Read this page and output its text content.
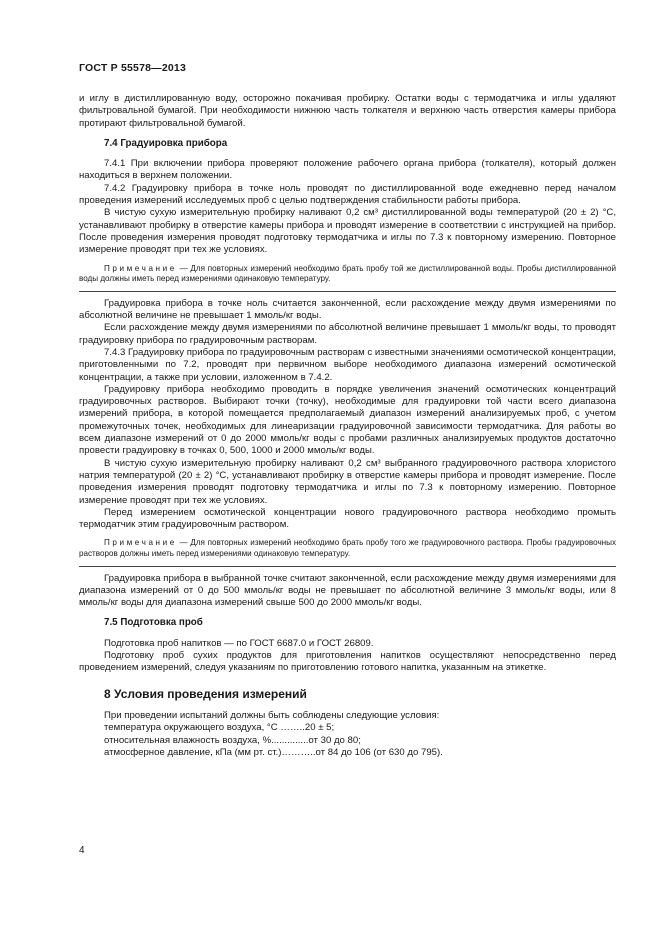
ГОСТ Р 55578—2013

и иглу в дистиллированную воду, осторожно покачивая пробирку. Остатки воды с термодатчика и иглы удаляют фильтровальной бумагой. При необходимости нижнюю часть толкателя и верхнюю часть отверстия камеры прибора протирают фильтровальной бумагой.

7.4 Градуировка прибора

7.4.1 При включении прибора проверяют положение рабочего органа прибора (толкателя), который должен находиться в верхнем положении.

7.4.2 Градуировку прибора в точке ноль проводят по дистиллированной воде ежедневно перед началом проведения измерений исследуемых проб с целью подтверждения стабильности работы прибора.

В чистую сухую измерительную пробирку наливают 0,2 см³ дистиллированной воды температурой (20 ± 2) °С, устанавливают пробирку в отверстие камеры прибора и проводят измерение в соответствии с инструкцией на прибор. После проведения измерения проводят подготовку термодатчика и иглы по 7.3 к повторному измерению. Повторное измерение проводят при тех же условиях.

Примечание — Для повторных измерений необходимо брать пробу той же дистиллированной воды. Пробы дистиллированной воды должны иметь перед измерениями одинаковую температуру.

Градуировка прибора в точке ноль считается законченной, если расхождение между двумя измерениями по абсолютной величине не превышает 1 ммоль/кг воды.

Если расхождение между двумя измерениями по абсолютной величине превышает 1 ммоль/кг воды, то проводят градуировку прибора по градуировочным растворам.

7.4.3 Градуировку прибора по градуировочным растворам с известными значениями осмотической концентрации, приготовленными по 7.2, проводят при первичном выборе необходимого диапазона измерений осмотической концентрации, а также при условии, изложенном в 7.4.2.

Градуировку прибора необходимо проводить в порядке увеличения значений осмотических концентраций градуировочных растворов. Выбирают точки (точку), необходимые для градуировки той части всего диапазона измерений прибора, в которой помещается предполагаемый диапазон измерений анализируемых проб, с учетом промежуточных точек, необходимых для линеаризации градуировочной зависимости термодатчика. Для работы во всем диапазоне измерений от 0 до 2000 ммоль/кг воды с пробами различных анализируемых продуктов достаточно провести градуировку в точках 0, 500, 1000 и 2000 ммоль/кг воды.

В чистую сухую измерительную пробирку наливают 0,2 см³ выбранного градуировочного раствора хлористого натрия температурой (20 ± 2) °С, устанавливают пробирку в отверстие камеры прибора и проводят измерение. После проведения измерения проводят подготовку термодатчика и иглы по 7.3 к повторному измерению. Повторное измерение проводят при тех же условиях.

Перед измерением осмотической концентрации нового градуировочного раствора необходимо промыть термодатчик этим градуировочным раствором.

Примечание — Для повторных измерений необходимо брать пробу того же градуировочного раствора. Пробы градуировочных растворов должны иметь перед измерениями одинаковую температуру.

Градуировка прибора в выбранной точке считают законченной, если расхождение между двумя измерениями для диапазона измерений от 0 до 500 ммоль/кг воды не превышает по абсолютной величине 3 ммоль/кг воды, или 8 ммоль/кг воды для диапазона измерений свыше 500 до 2000 ммоль/кг воды.

7.5 Подготовка проб

Подготовка проб напитков — по ГОСТ 6687.0 и ГОСТ 26809.

Подготовку проб сухих продуктов для приготовления напитков осуществляют непосредственно перед проведением измерений, следуя указаниям по приготовлению готового напитка, указанным на этикетке.

8 Условия проведения измерений

При проведении испытаний должны быть соблюдены следующие условия:

температура окружающего воздуха, °С ……..20 ± 5;

относительная влажность воздуха, %..............от 30 до 80;

атмосферное давление, кПа (мм рт. ст.)………..от 84 до 106 (от 630 до 795).

4
